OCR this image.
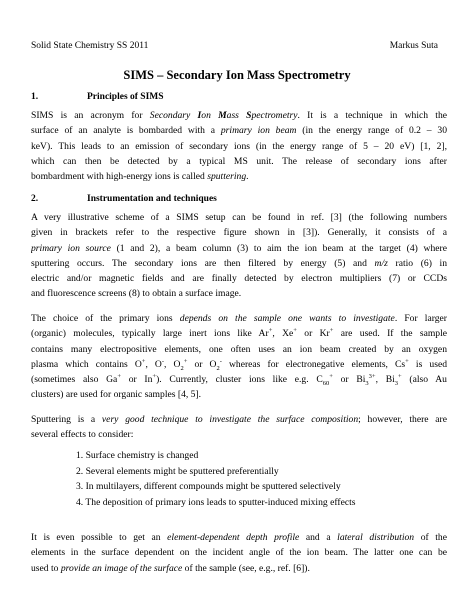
Solid State Chemistry SS 2011	Markus Suta
SIMS – Secondary Ion Mass Spectrometry
1.	Principles of SIMS
SIMS is an acronym for Secondary Ion Mass Spectrometry. It is a technique in which the
surface of an analyte is bombarded with a primary ion beam (in the energy range of 0.2 – 30
keV). This leads to an emission of secondary ions (in the energy range of 5 – 20 eV) [1, 2],
which can then be detected by a typical MS unit. The release of secondary ions after
bombardment with high-energy ions is called sputtering.
2.	Instrumentation and techniques
A very illustrative scheme of a SIMS setup can be found in ref. [3] (the following numbers
given in brackets refer to the respective figure shown in [3]). Generally, it consists of a
primary ion source (1 and 2), a beam column (3) to aim the ion beam at the target (4) where
sputtering occurs. The secondary ions are then filtered by energy (5) and m/z ratio (6) in
electric and/or magnetic fields and are finally detected by electron multipliers (7) or CCDs
and fluorescence screens (8) to obtain a surface image.
The choice of the primary ions depends on the sample one wants to investigate. For larger
(organic) molecules, typically large inert ions like Ar+, Xe+ or Kr+ are used. If the sample
contains many electropositive elements, one often uses an ion beam created by an oxygen
plasma which contains O+, O-, $O_2^+$ or $O_2^-$ whereas for electronegative elements, Cs+ is used
(sometimes also Ga+ or In+). Currently, cluster ions like e.g. $C_{60}^+$ or $Bi_3^{3+}$, $Bi_3^+$ (also Au
clusters) are used for organic samples [4, 5].
Sputtering is a very good technique to investigate the surface composition; however, there are
several effects to consider:
1. Surface chemistry is changed
2. Several elements might be sputtered preferentially
3. In multilayers, different compounds might be sputtered selectively
4. The deposition of primary ions leads to sputter-induced mixing effects
It is even possible to get an element-dependent depth profile and a lateral distribution of the
elements in the surface dependent on the incident angle of the ion beam. The latter one can be
used to provide an image of the surface of the sample (see, e.g., ref. [6]).
